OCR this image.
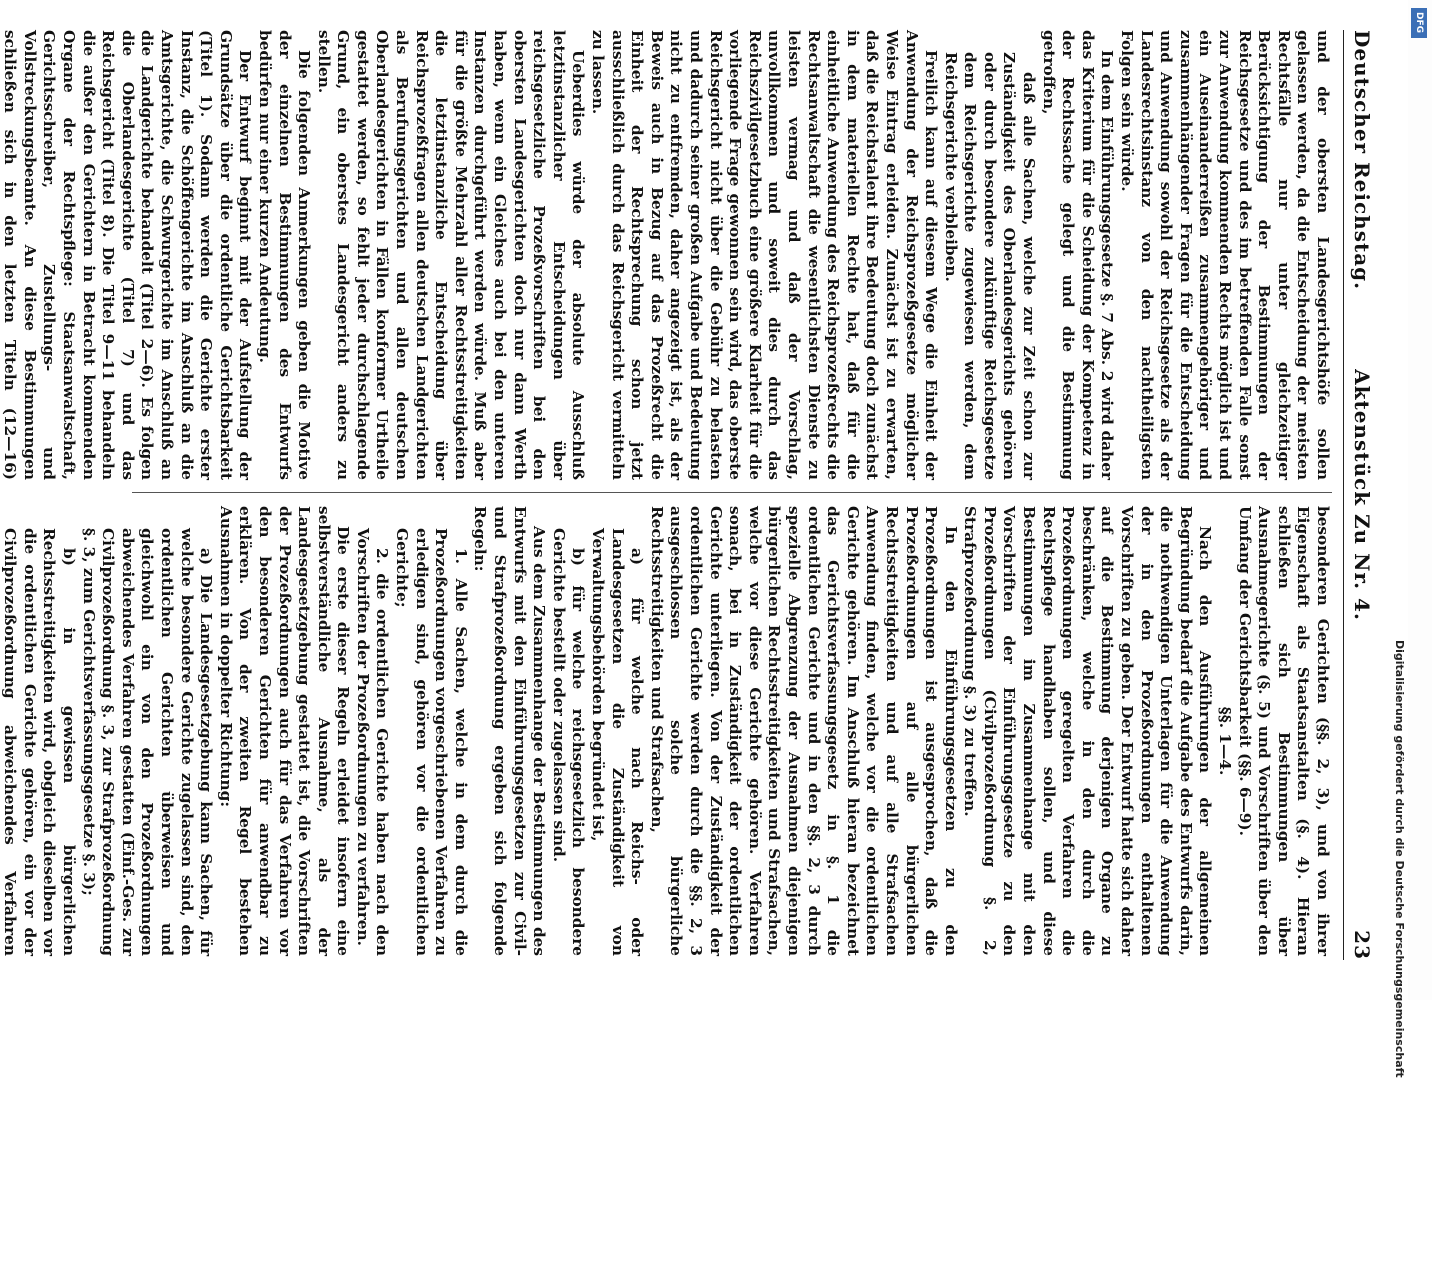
Deutscher Reichstag.
Aktenstück Zu Nr. 4.
23

und der obersten Landesgerichtshöfe sollen gelassen werden, da die Entscheidung der meisten Rechtsfälle nur unter gleichzeitiger Berücksichtigung der Bestimmungen der Reichsgesetze und des im betreffenden Falle sonst zur Anwendung kommenden Rechts möglich ist und ein Auseinanderreißen zusammengehöriger und zusammenhängender Fragen für die Entscheidung und Anwendung sowohl der Reichsgesetze als der Landesrechtsinstanz von den nachtheiligsten Folgen sein würde.

In dem Einführungsgesetze §. 7 Abs. 2 wird daher das Kriterium für die Scheidung der Kompetenz in der Rechtssache gelegt und die Bestimmung getroffen,

daß alle Sachen, welche zur Zeit schon zur Zuständigkeit des Oberlandesgerichts gehören oder durch besondere zukünftige Reichsgesetze dem Reichsgerichte zugewiesen werden, dem Reichsgerichte verbleiben.

Freilich kann auf diesem Wege die Einheit der Anwendung der Reichsprozeßgesetze möglicher Weise Eintrag erleiden. Zunächst ist zu erwarten, daß die Reichstalent ihre Bedeutung doch zunächst in dem materiellen Rechte hat, daß für die einheitliche Anwendung des Reichsprozeßrechts die Rechtsanwaltschaft die wesentlichsten Dienste zu leisten vermag und daß der Vorschlag, unvollkommen und soweit dies durch das Reichszivilgesetzbuch eine größere Klarheit für die vorliegende Frage gewonnen sein wird, das oberste Reichsgericht nicht über die Gebühr zu belasten und dadurch seiner großen Aufgabe und Bedeutung nicht zu entfremden, daher angezeigt ist, als der Beweis auch in Bezug auf das Prozeßrecht die Einheit der Rechtsprechung schon jetzt ausschließlich durch das Reichsgericht vermitteln zu lassen.

Ueberdies würde der absolute Ausschluß letztinstanzlicher Entscheidungen über reichsgesetzliche Prozeßvorschriften bei den obersten Landesgerichten doch nur dann Werth haben, wenn ein Gleiches auch bei den unteren Instanzen durchgeführt werden würde. Muß aber für die größte Mehrzahl aller Rechtsstreitigkeiten die letztinstanzliche Entscheidung über Reichsprozeßfragen allen deutschen Landgerichten als Berufungsgerichten und allen deutschen Oberlandesgerichten in Fällen konformer Urtheile gestattet werden, so fehlt jeder durchschlagende Grund, ein oberstes Landesgericht anders zu stellen.

Die folgenden Anmerkungen geben die Motive der einzelnen Bestimmungen des Entwurfs bedürfen nur einer kurzen Andeutung.

Der Entwurf beginnt mit der Aufstellung der Grundsätze über die ordentliche Gerichtsbarkeit (Titel 1). Sodann werden die Gerichte erster Instanz, die Schöffengerichte im Anschluß an die Amtsgerichte, die Schwurgerichte im Anschluß an die Landgerichte behandelt (Titel 2—6). Es folgen die Oberlandesgerichte (Titel 7) und das Reichsgericht (Titel 8). Die Titel 9—11 behandeln die außer den Gerichtern in Betracht kommenden Organe der Rechtspflege: Staatsanwaltschaft, Gerichtsschreiber, Zustellungs- und Vollstreckungsbeamte. An diese Bestimmungen schließen sich in den letzten Titeln (12—16)

besonderen Gerichten (§§. 2, 3), und von ihrer Eigenschaft als Staatsanstalten (§. 4). Hieran schließen sich Bestimmungen über Ausnahmegerichte (§. 5) und Vorschriften über den Umfang der Gerichtsbarkeit (§§. 6—9).

§§. 1—4.

Nach den Ausführungen der allgemeinen Begründung bedarf die Aufgabe des Entwurfs darin, die nothwendigen Unterlagen für die Anwendung der in den Prozeßordnungen enthaltenen Vorschriften zu geben. Der Entwurf hatte sich daher auf die Bestimmung derjenigen Organe zu beschränken, welche in den durch die Prozeßordnungen geregelten Verfahren die Rechtspflege handhaben sollen, und diese Bestimmungen im Zusammenhange mit den Vorschriften der Einführungsgesetze zu den Prozeßordnungen (Civilprozeßordnung §. 2, Strafprozeßordnung §. 3) zu treffen.

In den Einführungsgesetzen zu den Prozeßordnungen ist ausgesprochen, daß die Prozeßordnungen auf alle bürgerlichen Rechtsstreitigkeiten und auf alle Strafsachen Anwendung finden, welche vor die ordentlichen Gerichte gehören. Im Anschluß hieran bezeichnet das Gerichtsverfassungsgesetz in §. 1 die ordentlichen Gerichte und in den §§. 2, 3 durch spezielle Abgrenzung der Ausnahmen diejenigen bürgerlichen Rechtsstreitigkeiten und Strafsachen, welche vor diese Gerichte gehören. Verfahren sonach, bei in Zuständigkeit der ordentlichen Gerichte unterliegen. Von der Zuständigkeit der ordentlichen Gerichte werden durch die §§. 2, 3 ausgeschlossen solche bürgerliche Rechtsstreitigkeiten und Strafsachen,

a) für welche nach Reichs- oder Landesgesetzen die Zuständigkeit von Verwaltungsbehörden begründet ist,

b) für welche reichsgesetzlich besondere Gerichte bestellt oder zugelassen sind.

Aus dem Zusammenhange der Bestimmungen des Entwurfs mit den Einführungsgesetzen zur Civil- und Strafprozeßordnung ergeben sich folgende Regeln:

1. Alle Sachen, welche in dem durch die Prozeßordnungen vorgeschriebenen Verfahren zu erledigen sind, gehören vor die ordentlichen Gerichte;

2. die ordentlichen Gerichte haben nach den Vorschriften der Prozeßordnungen zu verfahren.

Die erste dieser Regeln erleidet insofern eine selbstverständliche Ausnahme, als der Landesgesetzgebung gestattet ist, die Vorschriften der Prozeßordnungen auch für das Verfahren vor den besonderen Gerichten für anwendbar zu erklären. Von der zweiten Regel bestehen Ausnahmen in doppelter Richtung:

a) Die Landesgesetzgebung kann Sachen, für welche besondere Gerichte zugelassen sind, den ordentlichen Gerichten überweisen und gleichwohl ein von den Prozeßordnungen abweichendes Verfahren gestatten (Einf.-Ges. zur Civilprozeßordnung §. 3, zur Strafprozeßordnung §. 3, zum Gerichtsverfassungsgesetze §. 3);

b) in gewissen bürgerlichen Rechtsstreitigkeiten wird, obgleich dieselben vor die ordentlichen Gerichte gehören, ein vor der Civilprozeßordnung abweichendes Verfahren

DFG
Digitalisierung gefördert durch die Deutsche Forschungsgemeinschaft
